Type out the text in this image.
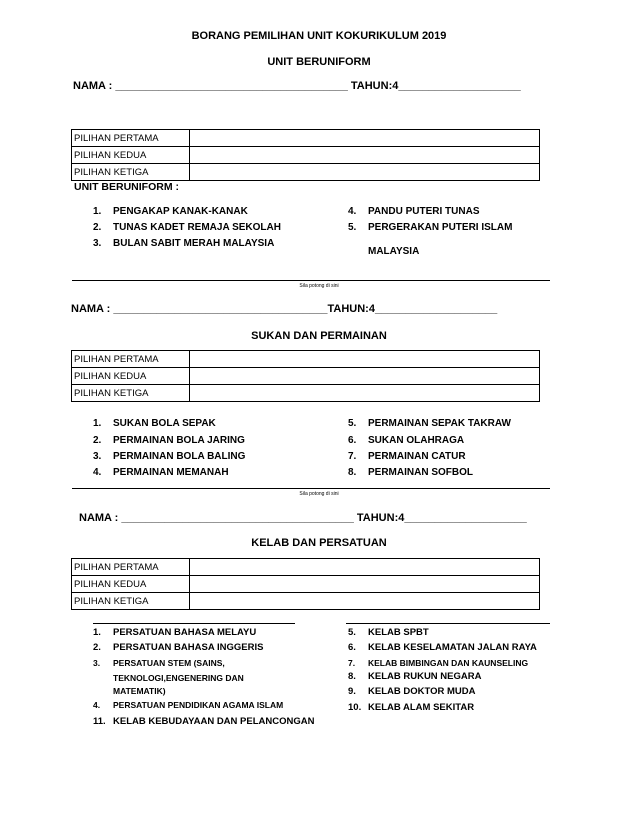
BORANG PEMILIHAN UNIT KOKURIKULUM 2019
UNIT BERUNIFORM
NAMA : ______________________________________ TAHUN:4____________________
PILIHAN PERTAMA	
PILIHAN KEDUA	
PILIHAN KETIGA	
UNIT BERUNIFORM :
1. PENGAKAP KANAK-KANAK
2. TUNAS KADET REMAJA SEKOLAH
3. BULAN SABIT MERAH MALAYSIA
4. PANDU PUTERI TUNAS
5. PERGERAKAN PUTERI ISLAM
MALAYSIA
Sila potong di sini
NAMA : ___________________________________TAHUN:4____________________
SUKAN DAN PERMAINAN
PILIHAN PERTAMA	
PILIHAN KEDUA	
PILIHAN KETIGA	
1. SUKAN BOLA SEPAK
2. PERMAINAN BOLA JARING
3. PERMAINAN BOLA BALING
4. PERMAINAN MEMANAH
5. PERMAINAN SEPAK TAKRAW
6. SUKAN OLAHRAGA
7. PERMAINAN CATUR
8. PERMAINAN SOFBOL
Sila potong di sini
NAMA : ______________________________________ TAHUN:4____________________
KELAB DAN PERSATUAN
PILIHAN PERTAMA	
PILIHAN KEDUA	
PILIHAN KETIGA	
1. PERSATUAN BAHASA MELAYU
2. PERSATUAN BAHASA INGGERIS
3. PERSATUAN STEM (SAINS,
TEKNOLOGI,ENGENERING DAN
MATEMATIK)
4. PERSATUAN PENDIDIKAN AGAMA ISLAM
11. KELAB KEBUDAYAAN DAN PELANCONGAN
5. KELAB SPBT
6. KELAB KESELAMATAN JALAN RAYA
7. KELAB BIMBINGAN DAN KAUNSELING
8. KELAB RUKUN NEGARA
9. KELAB DOKTOR MUDA
10. KELAB ALAM SEKITAR
